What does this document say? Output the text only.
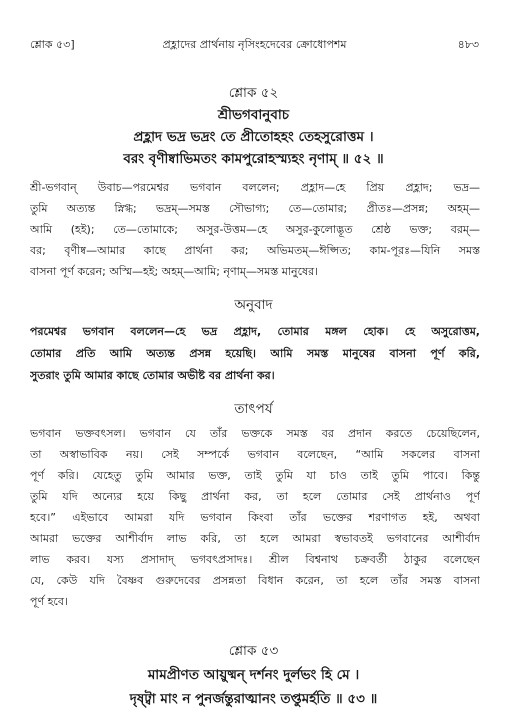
শ্লোক ৫৩]	প্রহ্লাদের প্রার্থনায় নৃসিংহদেবের ক্রোধোপশম	৪৮৩
শ্লোক ৫২
শ্রীভগবানুবাচ
প্রহ্লাদ ভদ্র ভদ্রং তে প্রীতোহহং তেহসুরোত্তম ।
বরং বৃণীষ্বাভিমতং কামপুরোহস্ম্যহং নৃণাম্‌ ॥ ৫২ ॥
শ্রী-ভগবান্‌ উবাচ—পরমেশ্বর ভগবান বললেন; প্রহ্লাদ—হে প্রিয় প্রহ্লাদ; ভদ্র—
তুমি অত্যন্ত স্নিগ্ধ; ভদ্রম্‌—সমস্ত সৌভাগ্য; তে—তোমার; প্রীতঃ—প্রসন্ন; অহম্‌—
আমি (হই); তে—তোমাকে; অসুর-উত্তম—হে অসুর-কুলোদ্ভূত শ্রেষ্ঠ ভক্ত; বরম্‌—
বর; বৃণীষ্ব—আমার কাছে প্রার্থনা কর; অভিমতম্‌—ঈপ্সিত; কাম-পূরঃ—যিনি সমস্ত
বাসনা পূর্ণ করেন; অস্মি—হই; অহম্‌—আমি; নৃণাম্‌—সমস্ত মানুষের।
অনুবাদ
পরমেশ্বর ভগবান বললেন—হে ভদ্র প্রহ্লাদ, তোমার মঙ্গল হোক। হে অসুরোত্তম,
তোমার প্রতি আমি অত্যন্ত প্রসন্ন হয়েছি। আমি সমস্ত মানুষের বাসনা পূর্ণ করি,
সুতরাং তুমি আমার কাছে তোমার অভীষ্ট বর প্রার্থনা কর।
তাৎপর্য
ভগবান ভক্তবৎসল। ভগবান যে তাঁর ভক্তকে সমস্ত বর প্রদান করতে চেয়েছিলেন,
তা অস্বাভাবিক নয়। সেই সম্পর্কে ভগবান বলেছেন, “আমি সকলের বাসনা
পূর্ণ করি। যেহেতু তুমি আমার ভক্ত, তাই তুমি যা চাও তাই তুমি পাবে। কিন্তু
তুমি যদি অন্যের হয়ে কিছু প্রার্থনা কর, তা হলে তোমার সেই প্রার্থনাও পূর্ণ
হবে।” এইভাবে আমরা যদি ভগবান কিংবা তাঁর ভক্তের শরণাগত হই, অথবা
আমরা ভক্তের আশীর্বাদ লাভ করি, তা হলে আমরা স্বভাবতই ভগবানের আশীর্বাদ
লাভ করব। যস্য প্রসাদাদ্‌ ভগবৎপ্রসাদঃ। শ্রীল বিশ্বনাথ চক্রবর্তী ঠাকুর বলেছেন
যে, কেউ যদি বৈষ্ণব গুরুদেবের প্রসন্নতা বিধান করেন, তা হলে তাঁর সমস্ত বাসনা
পূর্ণ হবে।
শ্লোক ৫৩
মামপ্রীণত আয়ুষ্মন্‌ দর্শনং দুর্লভং হি মে ।
দৃষ্ট্বা মাং ন পুনর্জন্তুরাত্মানং তপ্তুমর্হতি ॥ ৫৩ ॥
